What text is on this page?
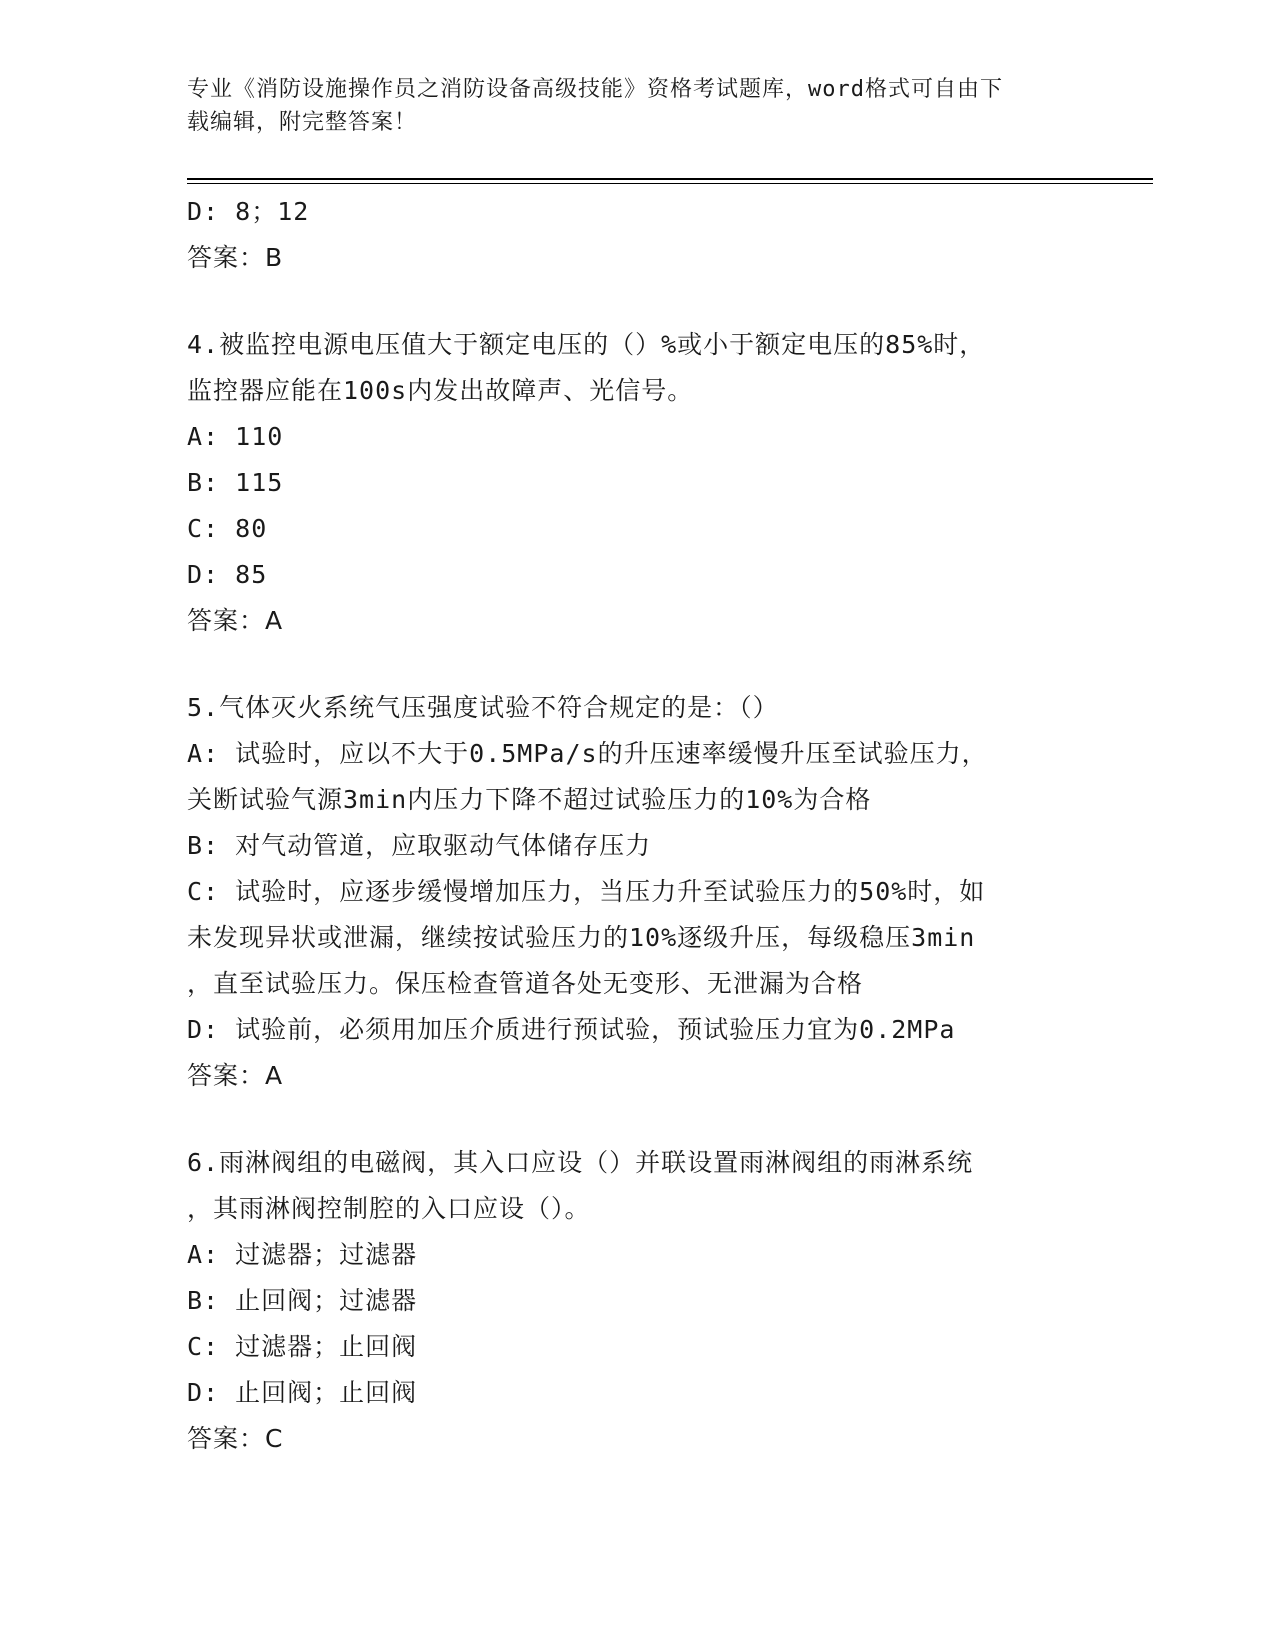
专业《消防设施操作员之消防设备高级技能》资格考试题库，word格式可自由下
载编辑，附完整答案！
D: 8；12
答案：B
4.被监控电源电压值大于额定电压的（）%或小于额定电压的85%时，
监控器应能在100s内发出故障声、光信号。
A: 110
B: 115
C: 80
D: 85
答案：A
5.气体灭火系统气压强度试验不符合规定的是：（）
A: 试验时，应以不大于0.5MPa/s的升压速率缓慢升压至试验压力，
关断试验气源3min内压力下降不超过试验压力的10%为合格
B: 对气动管道，应取驱动气体储存压力
C: 试验时，应逐步缓慢增加压力，当压力升至试验压力的50%时，如
未发现异状或泄漏，继续按试验压力的10%逐级升压，每级稳压3min
，直至试验压力。保压检查管道各处无变形、无泄漏为合格
D: 试验前，必须用加压介质进行预试验，预试验压力宜为0.2MPa
答案：A
6.雨淋阀组的电磁阀，其入口应设（）并联设置雨淋阀组的雨淋系统
，其雨淋阀控制腔的入口应设（）。
A: 过滤器；过滤器
B: 止回阀；过滤器
C: 过滤器；止回阀
D: 止回阀；止回阀
答案：C
